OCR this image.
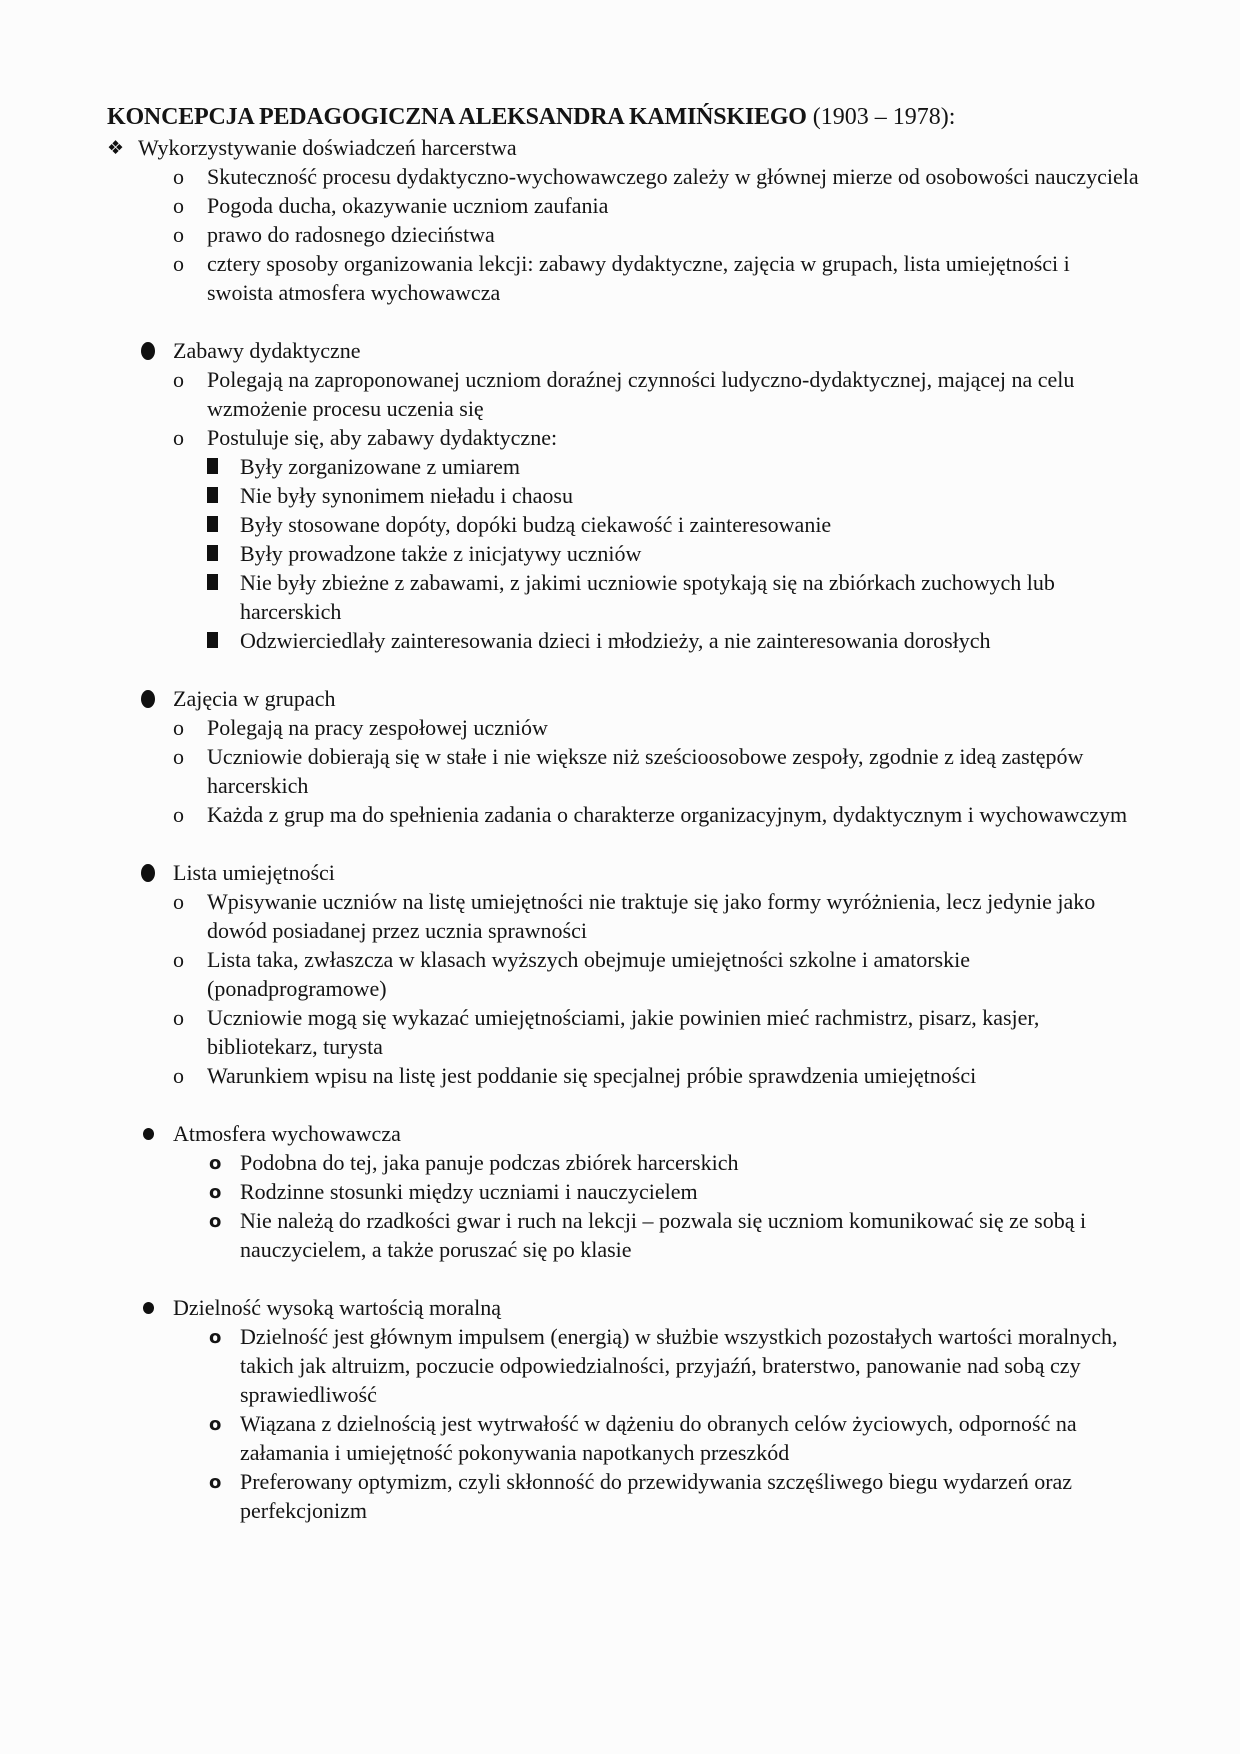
KONCEPCJA PEDAGOGICZNA ALEKSANDRA KAMIŃSKIEGO (1903 – 1978):
❖ Wykorzystywanie doświadczeń harcerstwa
o Skuteczność procesu dydaktyczno-wychowawczego zależy w głównej mierze od osobowości nauczyciela
o Pogoda ducha, okazywanie uczniom zaufania
o prawo do radosnego dzieciństwa
o cztery sposoby organizowania lekcji: zabawy dydaktyczne, zajęcia w grupach, lista umiejętności i swoista atmosfera wychowawcza
Zabawy dydaktyczne
o Polegają na zaproponowanej uczniom doraźnej czynności ludyczno-dydaktycznej, mającej na celu wzmożenie procesu uczenia się
o Postuluje się, aby zabawy dydaktyczne:
Były zorganizowane z umiarem
Nie były synonimem nieładu i chaosu
Były stosowane dopóty, dopóki budzą ciekawość i zainteresowanie
Były prowadzone także z inicjatywy uczniów
Nie były zbieżne z zabawami, z jakimi uczniowie spotykają się na zbiórkach zuchowych lub harcerskich
Odzwierciedlały zainteresowania dzieci i młodzieży, a nie zainteresowania dorosłych
Zajęcia w grupach
o Polegają na pracy zespołowej uczniów
o Uczniowie dobierają się w stałe i nie większe niż sześcioosobowe zespoły, zgodnie z ideą zastępów harcerskich
o Każda z grup ma do spełnienia zadania o charakterze organizacyjnym, dydaktycznym i wychowawczym
Lista umiejętności
o Wpisywanie uczniów na listę umiejętności nie traktuje się jako formy wyróżnienia, lecz jedynie jako dowód posiadanej przez ucznia sprawności
o Lista taka, zwłaszcza w klasach wyższych obejmuje umiejętności szkolne i amatorskie (ponadprogramowe)
o Uczniowie mogą się wykazać umiejętnościami, jakie powinien mieć rachmistrz, pisarz, kasjer, bibliotekarz, turysta
o Warunkiem wpisu na listę jest poddanie się specjalnej próbie sprawdzenia umiejętności
Atmosfera wychowawcza
o Podobna do tej, jaka panuje podczas zbiórek harcerskich
o Rodzinne stosunki między uczniami i nauczycielem
o Nie należą do rzadkości gwar i ruch na lekcji – pozwala się uczniom komunikować się ze sobą i nauczycielem, a także poruszać się po klasie
Dzielność wysoką wartością moralną
o Dzielność jest głównym impulsem (energią) w służbie wszystkich pozostałych wartości moralnych, takich jak altruizm, poczucie odpowiedzialności, przyjaźń, braterstwo, panowanie nad sobą czy sprawiedliwość
o Wiązana z dzielnością jest wytrwałość w dążeniu do obranych celów życiowych, odporność na załamania i umiejętność pokonywania napotkanych przeszkód
o Preferowany optymizm, czyli skłonność do przewidywania szczęśliwego biegu wydarzeń oraz perfekcjonizm
